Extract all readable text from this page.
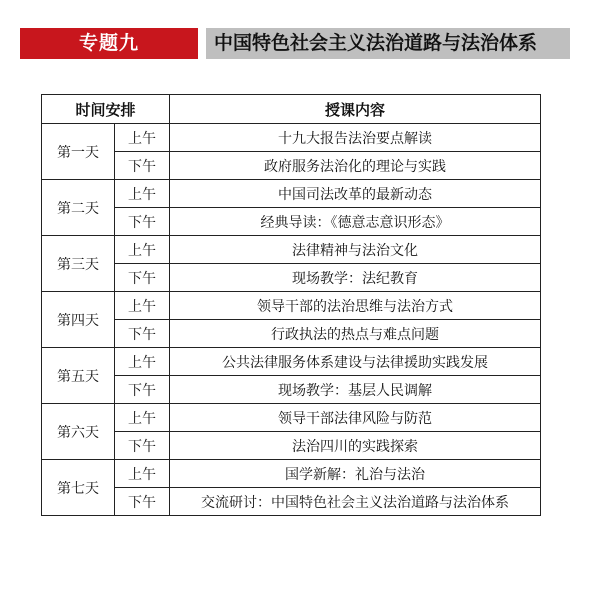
专题九	中国特色社会主义法治道路与法治体系
时间安排		授课内容
第一天	上午	十九大报告法治要点解读
	下午	政府服务法治化的理论与实践
第二天	上午	中国司法改革的最新动态
	下午	经典导读：《德意志意识形态》
第三天	上午	法律精神与法治文化
	下午	现场教学：法纪教育
第四天	上午	领导干部的法治思维与法治方式
	下午	行政执法的热点与难点问题
第五天	上午	公共法律服务体系建设与法律援助实践发展
	下午	现场教学：基层人民调解
第六天	上午	领导干部法律风险与防范
	下午	法治四川的实践探索
第七天	上午	国学新解：礼治与法治
	下午	交流研讨：中国特色社会主义法治道路与法治体系
